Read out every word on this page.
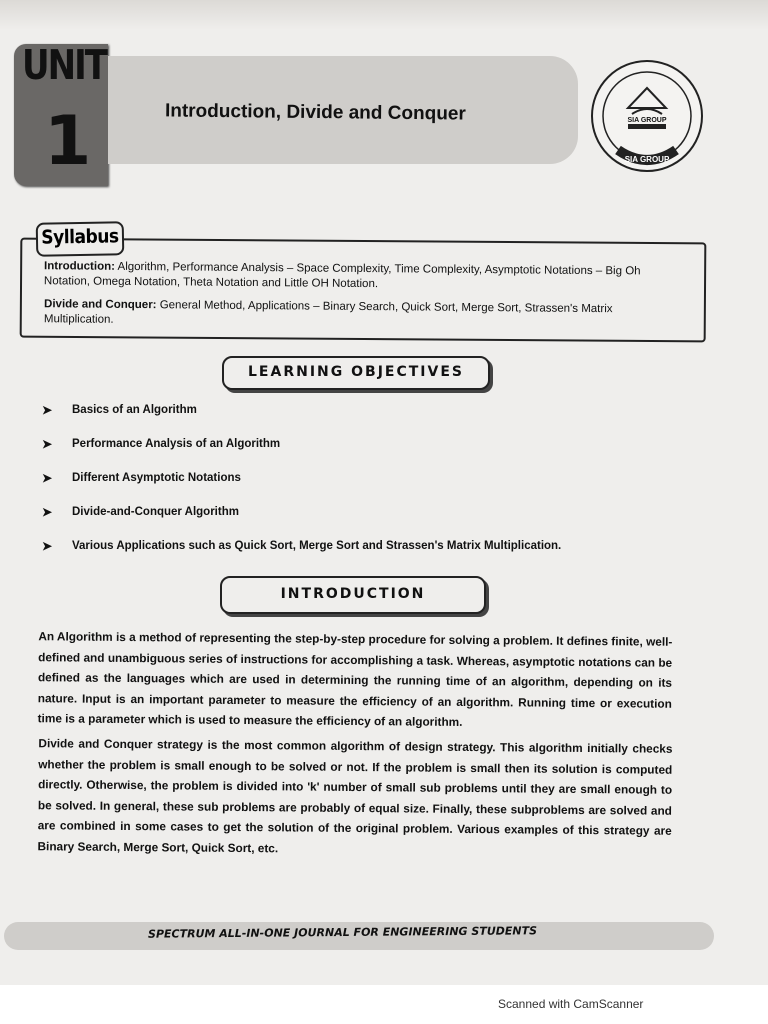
UNIT
1	Introduction, Divide and Conquer	SIA GROUP
SIA GROUP
Syllabus
Introduction: Algorithm, Performance Analysis – Space Complexity, Time Complexity, Asymptotic Notations – Big Oh Notation, Omega Notation, Theta Notation and Little OH Notation.
Divide and Conquer: General Method, Applications – Binary Search, Quick Sort, Merge Sort, Strassen's Matrix Multiplication.
LEARNING OBJECTIVES
➤ Basics of an Algorithm
➤ Performance Analysis of an Algorithm
➤ Different Asymptotic Notations
➤ Divide-and-Conquer Algorithm
➤ Various Applications such as Quick Sort, Merge Sort and Strassen's Matrix Multiplication.
INTRODUCTION
An Algorithm is a method of representing the step-by-step procedure for solving a problem. It defines finite, well-defined and unambiguous series of instructions for accomplishing a task. Whereas, asymptotic notations can be defined as the languages which are used in determining the running time of an algorithm, depending on its nature. Input is an important parameter to measure the efficiency of an algorithm. Running time or execution time is a parameter which is used to measure the efficiency of an algorithm.
Divide and Conquer strategy is the most common algorithm of design strategy. This algorithm initially checks whether the problem is small enough to be solved or not. If the problem is small then its solution is computed directly. Otherwise, the problem is divided into 'k' number of small sub problems until they are small enough to be solved. In general, these sub problems are probably of equal size. Finally, these subproblems are solved and are combined in some cases to get the solution of the original problem. Various examples of this strategy are Binary Search, Merge Sort, Quick Sort, etc.
SPECTRUM ALL-IN-ONE JOURNAL FOR ENGINEERING STUDENTS
Scanned with CamScanner
